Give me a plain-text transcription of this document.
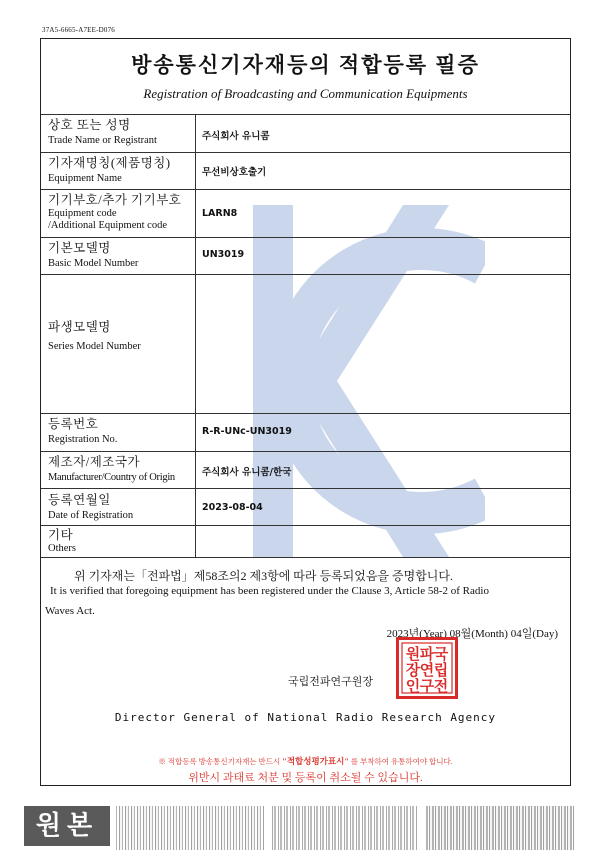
37A5-6665-A7EE-D076
방송통신기자재등의 적합등록 필증
Registration of Broadcasting and Communication Equipments
상호 또는 성명
Trade Name or Registrant	주식회사 유니콤
기자재명칭(제품명칭)
Equipment Name
무선비상호출기
기기부호/추가 기기부호
Equipment code
/Additional Equipment code
LARN8
기본모델명
Basic Model Number
UN3019
파생모델명
Series Model Number
등록번호
Registration No.
R-R-UNc-UN3019
제조자/제조국가
Manufacturer/Country of Origin	주식회사 유니콤/한국
등록연월일
Date of Registration
2023-08-04
기타
Others
위 기자재는「전파법」제58조의2 제3항에 따라 등록되었음을 증명합니다.
It is verified that foregoing equipment has been registered under the Clause 3, Article 58-2 of Radio
Waves Act.
2023년(Year) 08월(Month) 04일(Day)
국립전파연구원장
Director General of National Radio Research Agency
※ 적합등록 방송통신기자재는 반드시 "적합성평가표시" 를 부착하여 유통하여야 합니다.
위반시 과태료 처분 및 등록이 취소될 수 있습니다.
국
립
전
파
연
구
원
장
인
원본
